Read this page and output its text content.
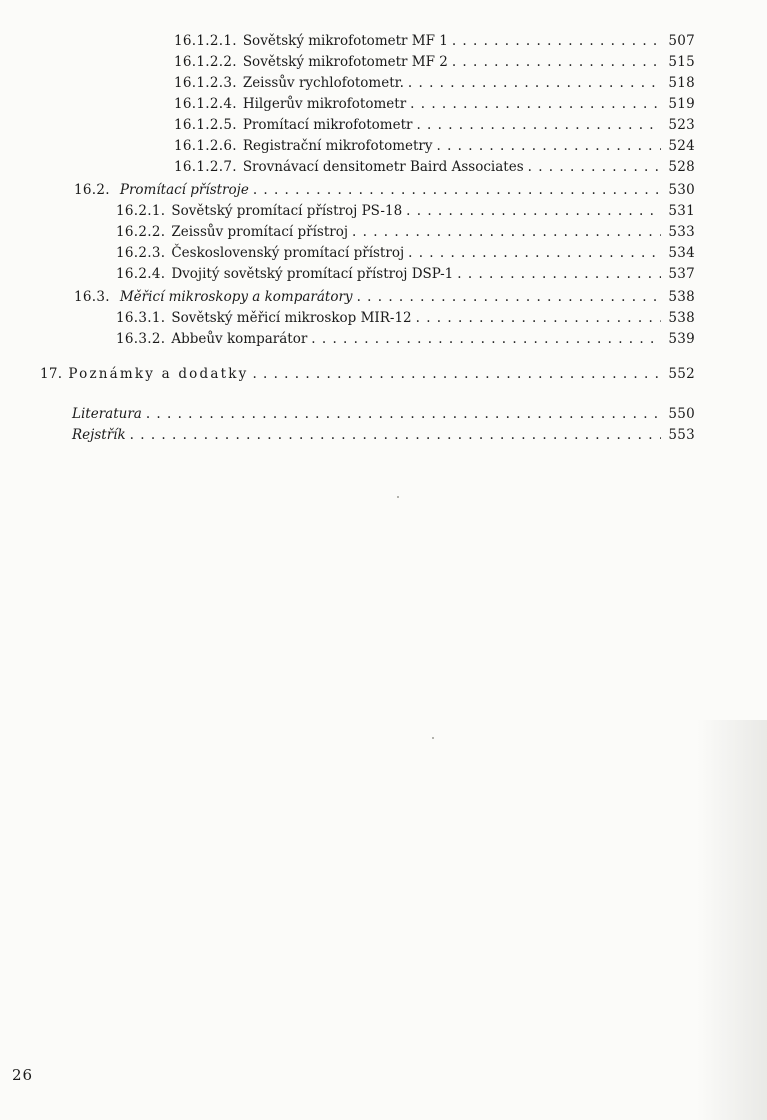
16.1.2.1. Sovětský mikrofotometr MF 1 . . .	507
16.1.2.2. Sovětský mikrofotometr MF 2 . . .	515
16.1.2.3. Zeissův rychlofotometr. . . .	518
16.1.2.4. Hilgerův mikrofotometr . . .	519
16.1.2.5. Promítací mikrofotometr . . .	523
16.1.2.6. Registrační mikrofotometry . . .	524
16.1.2.7. Srovnávací densitometr Baird Associates . . .	528
16.2. Promítací přístroje . . .	530
16.2.1. Sovětský promítací přístroj PS-18 . . .	531
16.2.2. Zeissův promítací přístroj . . .	533
16.2.3. Československý promítací přístroj . . .	534
16.2.4. Dvojitý sovětský promítací přístroj DSP-1 . . .	537
16.3. Měřicí mikroskopy a komparátory . . .	538
16.3.1. Sovětský měřicí mikroskop MIR-12 . . .	538
16.3.2. Abbeův komparátor . . .	539
17. Poznámky a dodatky . . .	552
Literatura . . .	550
Rejstřík . . .	553
26
